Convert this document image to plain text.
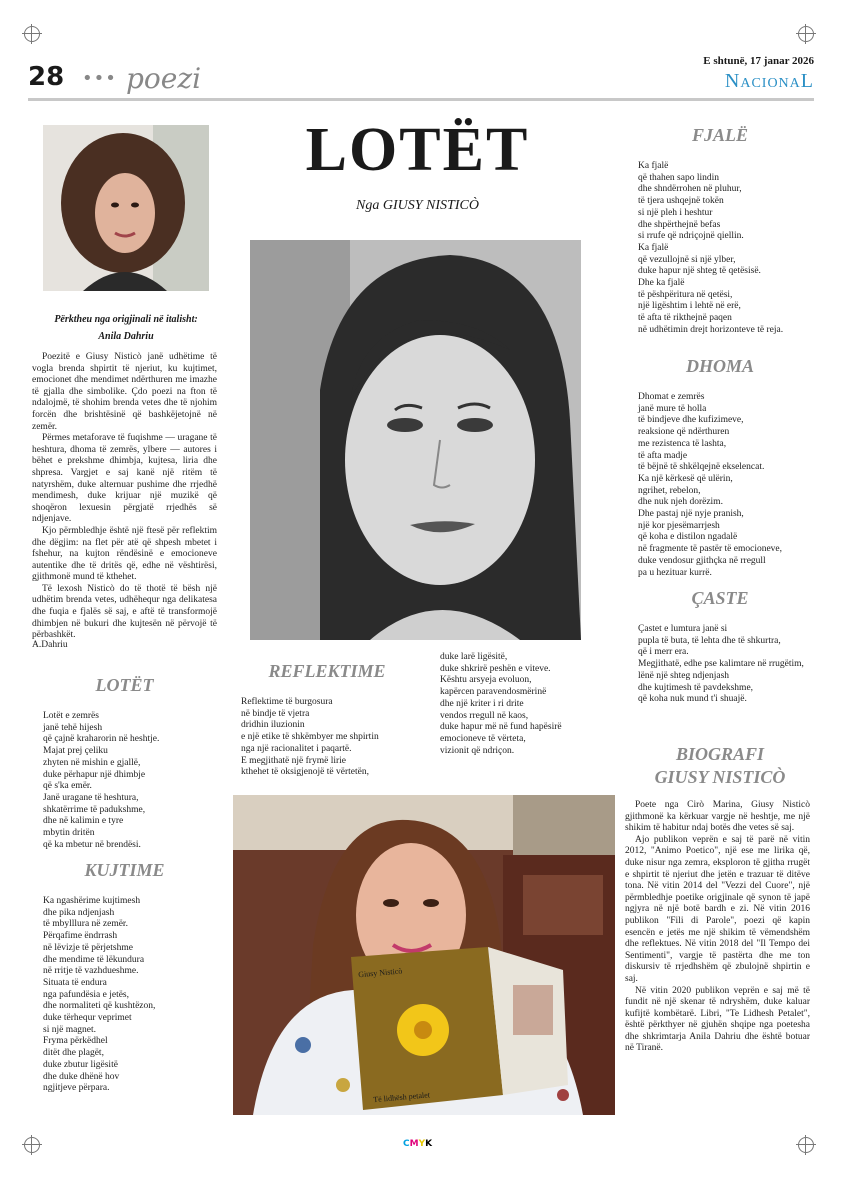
28 ••• poezi
E shtunë, 17 janar 2026
NacionaL
Përktheu nga origjinali në italisht:
Anila Dahriu

Poezitë e Giusy Nisticò janë udhëtime të vogla brenda shpirtit të njeriut, ku kujtimet, emocionet dhe mendimet ndërthuren me imazhe të gjalla dhe simbolike. Çdo poezi na fton të ndalojmë, të shohim brenda vetes dhe të njohim forcën dhe brishtësinë që bashkëjetojnë në zemër.

Përmes metaforave të fuqishme — uragane të heshtura, dhoma të zemrës, ylbere — autores i bëhet e prekshme dhimbja, kujtesa, liria dhe shpresa. Vargjet e saj kanë një ritëm të natyrshëm, duke alternuar pushime dhe rrjedhë mendimesh, duke krijuar një muzikë që shoqëron lexuesin përgjatë rrjedhës së ndjenjave.

Kjo përmbledhje është një ftesë për reflektim dhe dëgjim: na flet për atë që shpesh mbetet i fshehur, na kujton rëndësinë e emocioneve autentike dhe të dritës që, edhe në vështirësi, gjithmonë mund të kthehet.

Të lexosh Nisticò do të thotë të bësh një udhëtim brenda vetes, udhëhequr nga delikatesa dhe fuqia e fjalës së saj, e aftë të transformojë dhimbjen në bukuri dhe kujtesën në përvojë të përbashkët.

A.Dahriu
LOTËT
Lotët e zemrës
janë tehë hijesh
që çajnë kraharorin në heshtje.
Majat prej çeliku
zhyten në mishin e gjallë,
duke përhapur një dhimbje
që s'ka emër.
Janë uragane të heshtura,
shkatërrime të padukshme,
dhe në kalimin e tyre
mbytin dritën
që ka mbetur në brendësi.
KUJTIME
Ka ngashërime kujtimesh
dhe pika ndjenjash
të mbylllura në zemër.
Përqafime ëndrrash
në lëvizje të përjetshme
dhe mendime të lëkundura
në rritje të vazhdueshme.
Situata të endura
nga pafundësia e jetës,
dhe normaliteti që kushtëzon,
duke tërhequr veprimet
si një magnet.
Fryma përkëdhel
ditët dhe plagët,
duke zbutur ligësitë
dhe duke dhënë hov
ngjitjeve përpara.
LOTËT
Nga GIUSY NISTICÒ
REFLEKTIME
Reflektime të burgosura
në bindje të vjetra
dridhin iluzionin
e një etike të shkëmbyer me shpirtin
nga një racionalitet i paqartë.
E megjithatë një frymë lirie
kthehet të oksigjenojë të vërtetën,
duke larë ligësitë,
duke shkrirë peshën e viteve.
Kështu arsyeja evoluon,
kapërcen paravendosmërinë
dhe një kriter i ri drite
vendos rregull në kaos,
duke hapur më në fund hapësirë
emocioneve të vërteta,
vizionit që ndriçon.
Giusy Nisticò
Të lidhësh petalet
FJALË
Ka fjalë
që thahen sapo lindin
dhe shndërrohen në pluhur,
të tjera ushqejnë tokën
si një pleh i heshtur
dhe shpërthejnë befas
si rrufe që ndriçojnë qiellin.
Ka fjalë
që vezullojnë si një ylber,
duke hapur një shteg të qetësisë.
Dhe ka fjalë
të pëshpëritura në qetësi,
një ligështim i lehtë në erë,
të afta të rikthejnë paqen
në udhëtimin drejt horizonteve të reja.
DHOMA
Dhomat e zemrës
janë mure të holla
të bindjeve dhe kufizimeve,
reaksione që ndërthuren
me rezistenca të lashta,
të afta madje
të bëjnë të shkëlqejnë ekselencat.
Ka një kërkesë që ulërin,
ngrihet, rebelon,
dhe nuk njeh dorëzim.
Dhe pastaj një nyje pranish,
një kor pjesëmarrjesh
që koha e distilon ngadalë
në fragmente të pastër të emocioneve,
duke vendosur gjithçka në rregull
pa u hezituar kurrë.
ÇASTE
Çastet e lumtura janë si
pupla të buta, të lehta dhe të shkurtra,
që i merr era.
Megjithatë, edhe pse kalimtare në rrugëtim,
lënë një shteg ndjenjash
dhe kujtimesh të pavdekshme,
që koha nuk mund t'i shuajë.
BIOGRAFI
GIUSY NISTICÒ

Poete nga Cirò Marina, Giusy Nisticò gjithmonë ka kërkuar vargje në heshtje, me një shikim të habitur ndaj botës dhe vetes së saj.

Ajo publikon veprën e saj të parë në vitin 2012, "Animo Poetico", një ese me lirika që, duke nisur nga zemra, eksploron të gjitha rrugët e shpirtit të njeriut dhe jetën e trazuar të ditëve tona. Në vitin 2014 del "Vezzi del Cuore", një përmbledhje poetike origjinale që synon të japë ngjyra në një botë bardh e zi. Në vitin 2016 publikon "Fili di Parole", poezi që kapin esencën e jetës me një shikim të vëmendshëm dhe reflektues. Në vitin 2018 del "Il Tempo dei Sentimenti", vargje të pastërta dhe me ton diskursiv të rrjedhshëm që zbulojnë shpirtin e saj.

Në vitin 2020 publikon veprën e saj më të fundit në një skenar të ndryshëm, duke kaluar kufijtë kombëtarë. Libri, "Te Lidhesh Petalet", është përkthyer në gjuhën shqipe nga poetesha dhe shkrimtarja Anila Dahriu dhe është botuar në Tiranë.

CMYK
